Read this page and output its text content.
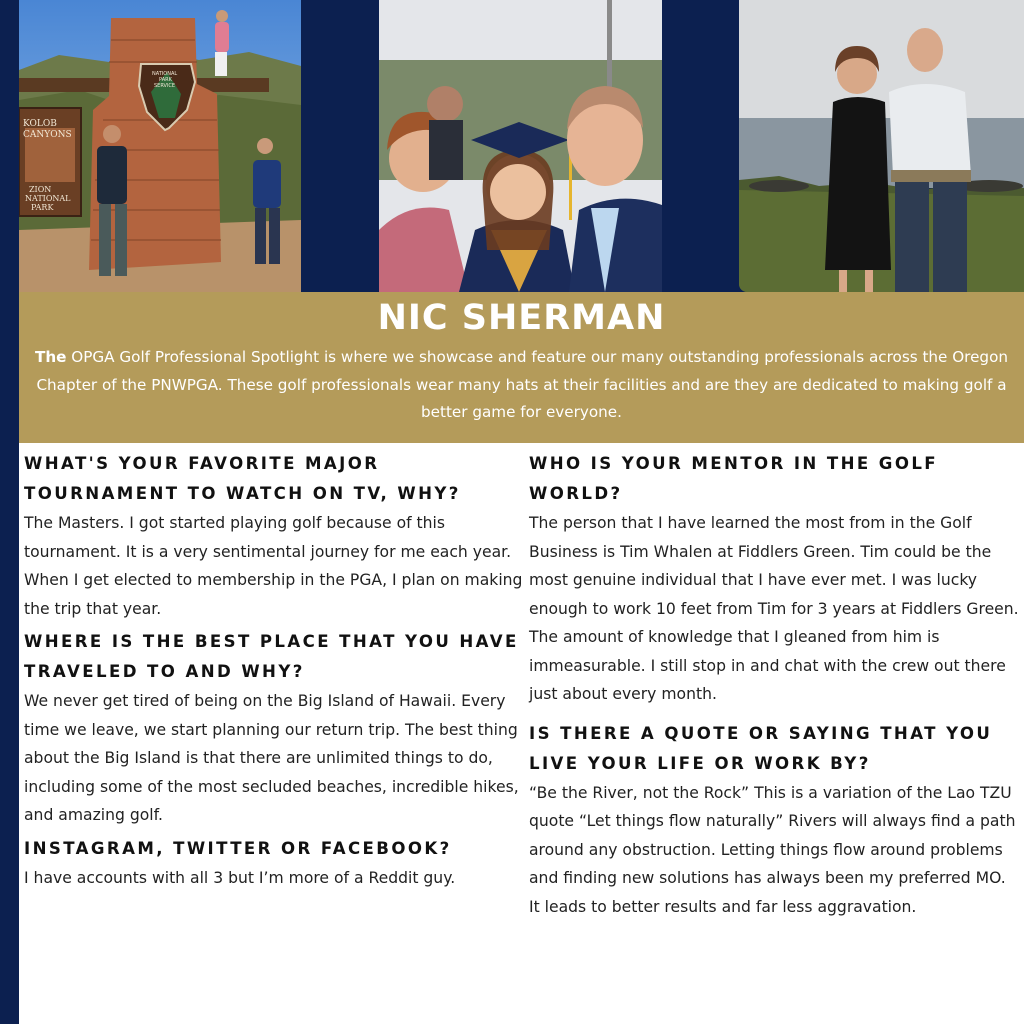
KOLOB
CANYONS
ZION
NATIONAL
PARK
NATIONAL
PARK
SERVICE
NIC SHERMAN
The OPGA Golf Professional Spotlight is where we showcase and feature our many outstanding professionals across the Oregon Chapter of the PNWPGA. These golf professionals wear many hats at their facilities and are they are dedicated to making golf a better game for everyone.
WHAT'S YOUR FAVORITE MAJOR TOURNAMENT TO WATCH ON TV, WHY?
The Masters. I got started playing golf because of this tournament. It is a very sentimental journey for me each year. When I get elected to membership in the PGA, I plan on making the trip that year.
WHERE IS THE BEST PLACE THAT YOU HAVE TRAVELED TO AND WHY?
We never get tired of being on the Big Island of Hawaii. Every time we leave, we start planning our return trip. The best thing about the Big Island is that there are unlimited things to do, including some of the most secluded beaches, incredible hikes, and amazing golf.
INSTAGRAM, TWITTER OR FACEBOOK?
I have accounts with all 3 but I’m more of a Reddit guy.
WHO IS YOUR MENTOR IN THE GOLF WORLD?
The person that I have learned the most from in the Golf Business is Tim Whalen at Fiddlers Green. Tim could be the most genuine individual that I have ever met. I was lucky enough to work 10 feet from Tim for 3 years at Fiddlers Green. The amount of knowledge that I gleaned from him is immeasurable. I still stop in and chat with the crew out there just about every month.
IS THERE A QUOTE OR SAYING THAT YOU LIVE YOUR LIFE OR WORK BY?
“Be the River, not the Rock” This is a variation of the Lao TZU quote “Let things flow naturally” Rivers will always find a path around any obstruction. Letting things flow around problems and finding new solutions has always been my preferred MO. It leads to better results and far less aggravation.
